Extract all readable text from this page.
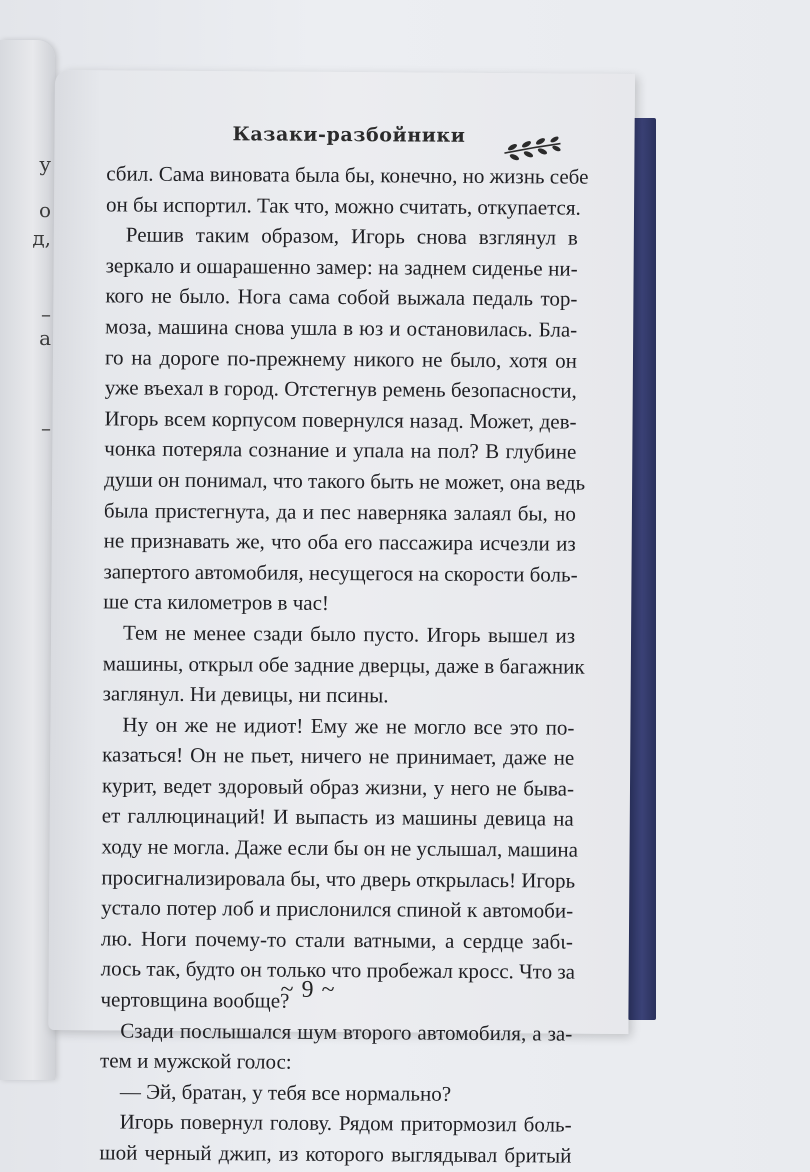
у
о
д,
–
а
–
Казаки-разбойники
сбил. Сама виновата была бы, конечно, но жизнь себе
он бы испортил. Так что, можно считать, откупается.
Решив таким образом, Игорь снова взглянул в
зеркало и ошарашенно замер: на заднем сиденье ни-
кого не было. Нога сама собой выжала педаль тор-
моза, машина снова ушла в юз и остановилась. Бла-
го на дороге по-прежнему никого не было, хотя он
уже въехал в город. Отстегнув ремень безопасности,
Игорь всем корпусом повернулся назад. Может, дев-
чонка потеряла сознание и упала на пол? В глубине
души он понимал, что такого быть не может, она ведь
была пристегнута, да и пес наверняка залаял бы, но
не признавать же, что оба его пассажира исчезли из
запертого автомобиля, несущегося на скорости боль-
ше ста километров в час!
Тем не менее сзади было пусто. Игорь вышел из
машины, открыл обе задние дверцы, даже в багажник
заглянул. Ни девицы, ни псины.
Ну он же не идиот! Ему же не могло все это по-
казаться! Он не пьет, ничего не принимает, даже не
курит, ведет здоровый образ жизни, у него не быва-
ет галлюцинаций! И выпасть из машины девица на
ходу не могла. Даже если бы он не услышал, машина
просигнализировала бы, что дверь открылась! Игорь
устало потер лоб и прислонился спиной к автомоби-
лю. Ноги почему-то стали ватными, а сердце забι-
лось так, будто он только что пробежал кросс. Что за
чертовщина вообще?
Сзади послышался шум второго автомобиля, а за-
тем и мужской голос:
— Эй, братан, у тебя все нормально?
Игорь повернул голову. Рядом притормозил боль-
шой черный джип, из которого выглядывал бритый
~ 9 ~
